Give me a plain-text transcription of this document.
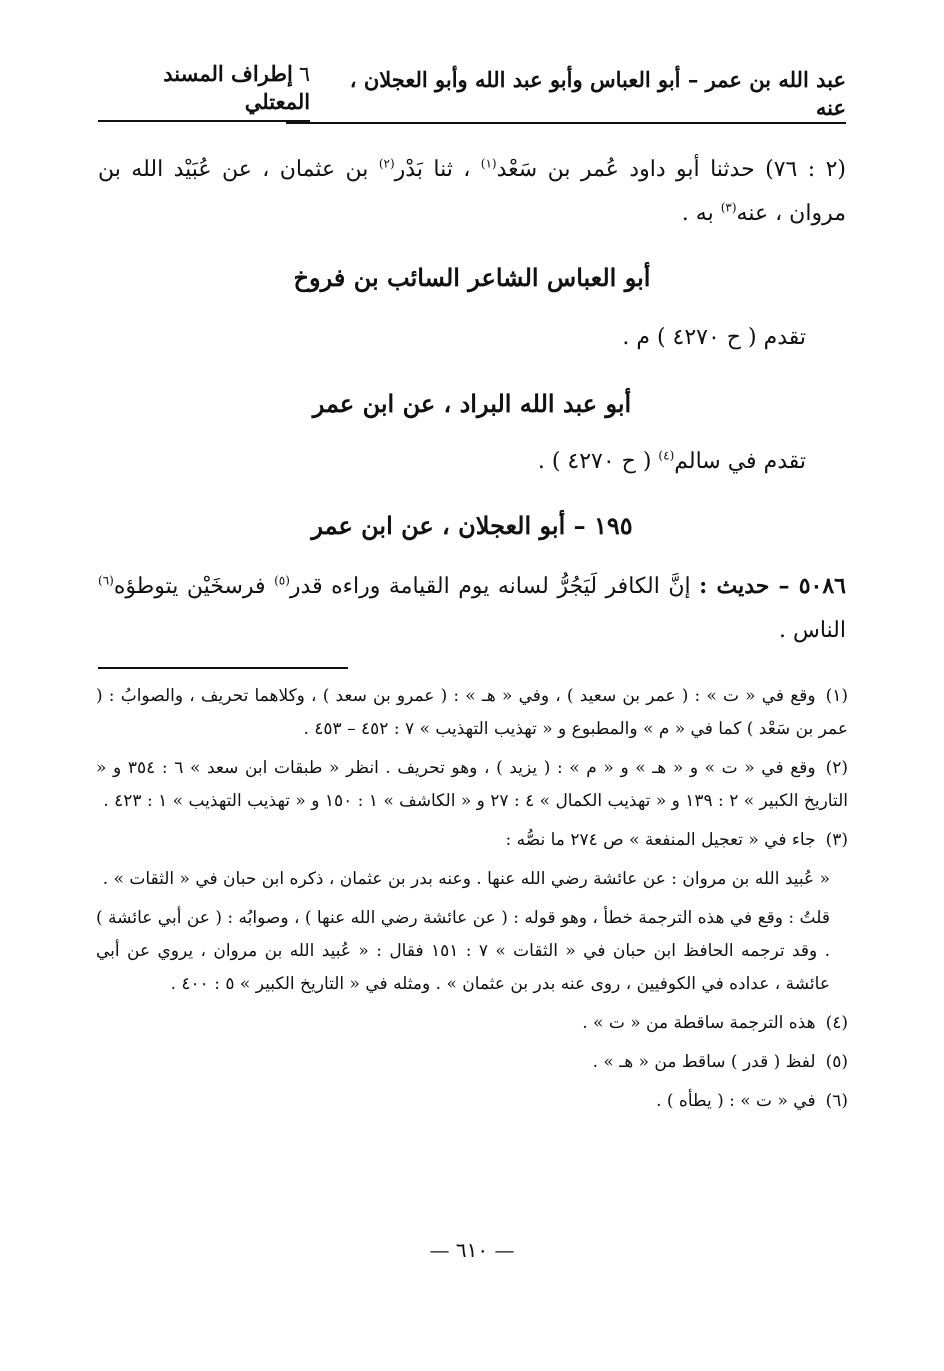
عبد الله بن عمر – أبو العباس وأبو عبد الله وأبو العجلان ، عنه
٦إطراف المسند المعتلي
(٢ : ٧٦) حدثنا أبو داود عُمر بن سَعْد$^{(١)}$ ، ثنا بَدْر$^{(٢)}$ بن عثمان ، عن عُبَيْد الله بن مروان ، عنه$^{(٣)}$ به .
أبو العباس الشاعر السائب بن فروخ
تقدم ( ح ٤٢٧٠ ) م .
أبو عبد الله البراد ، عن ابن عمر
تقدم في سالم$^{(٤)}$ ( ح ٤٢٧٠ ) .
١٩٥ – أبو العجلان ، عن ابن عمر
٥٠٨٦ – حديث : إنَّ الكافر لَيَجُرُّ لسانه يوم القيامة وراءه قدر$^{(٥)}$ فرسخَيْن يتوطؤه$^{(٦)}$ الناس .
(١)وقع في « ت » : ( عمر بن سعيد ) ، وفي « هـ » : ( عمرو بن سعد ) ، وكلاهما تحريف ، والصوابُ : ( عمر بن سَعْد ) كما في « م » والمطبوع و « تهذيب التهذيب » ٧ : ٤٥٢ – ٤٥٣ .
(٢)وقع في « ت » و « هـ » و « م » : ( يزيد ) ، وهو تحريف . انظر « طبقات ابن سعد » ٦ : ٣٥٤ و « التاريخ الكبير » ٢ : ١٣٩ و « تهذيب الكمال » ٤ : ٢٧ و « الكاشف » ١ : ١٥٠ و « تهذيب التهذيب » ١ : ٤٢٣ .
(٣)جاء في « تعجيل المنفعة » ص ٢٧٤ ما نصُّه :
« عُبيد الله بن مروان : عن عائشة رضي الله عنها . وعنه بدر بن عثمان ، ذكره ابن حبان في « الثقات » .
قلتُ : وقع في هذه الترجمة خطأ ، وهو قوله : ( عن عائشة رضي الله عنها ) ، وصوابُه : ( عن أبي عائشة ) . وقد ترجمه الحافظ ابن حبان في « الثقات » ٧ : ١٥١ فقال : « عُبيد الله بن مروان ، يروي عن أبي عائشة ، عداده في الكوفيين ، روى عنه بدر بن عثمان » . ومثله في « التاريخ الكبير » ٥ : ٤٠٠ .
(٤)هذه الترجمة ساقطة من « ت » .
(٥)لفظ ( قدر ) ساقط من « هـ » .
(٦)في « ت » : ( يطأه ) .
— ٦١٠ —
